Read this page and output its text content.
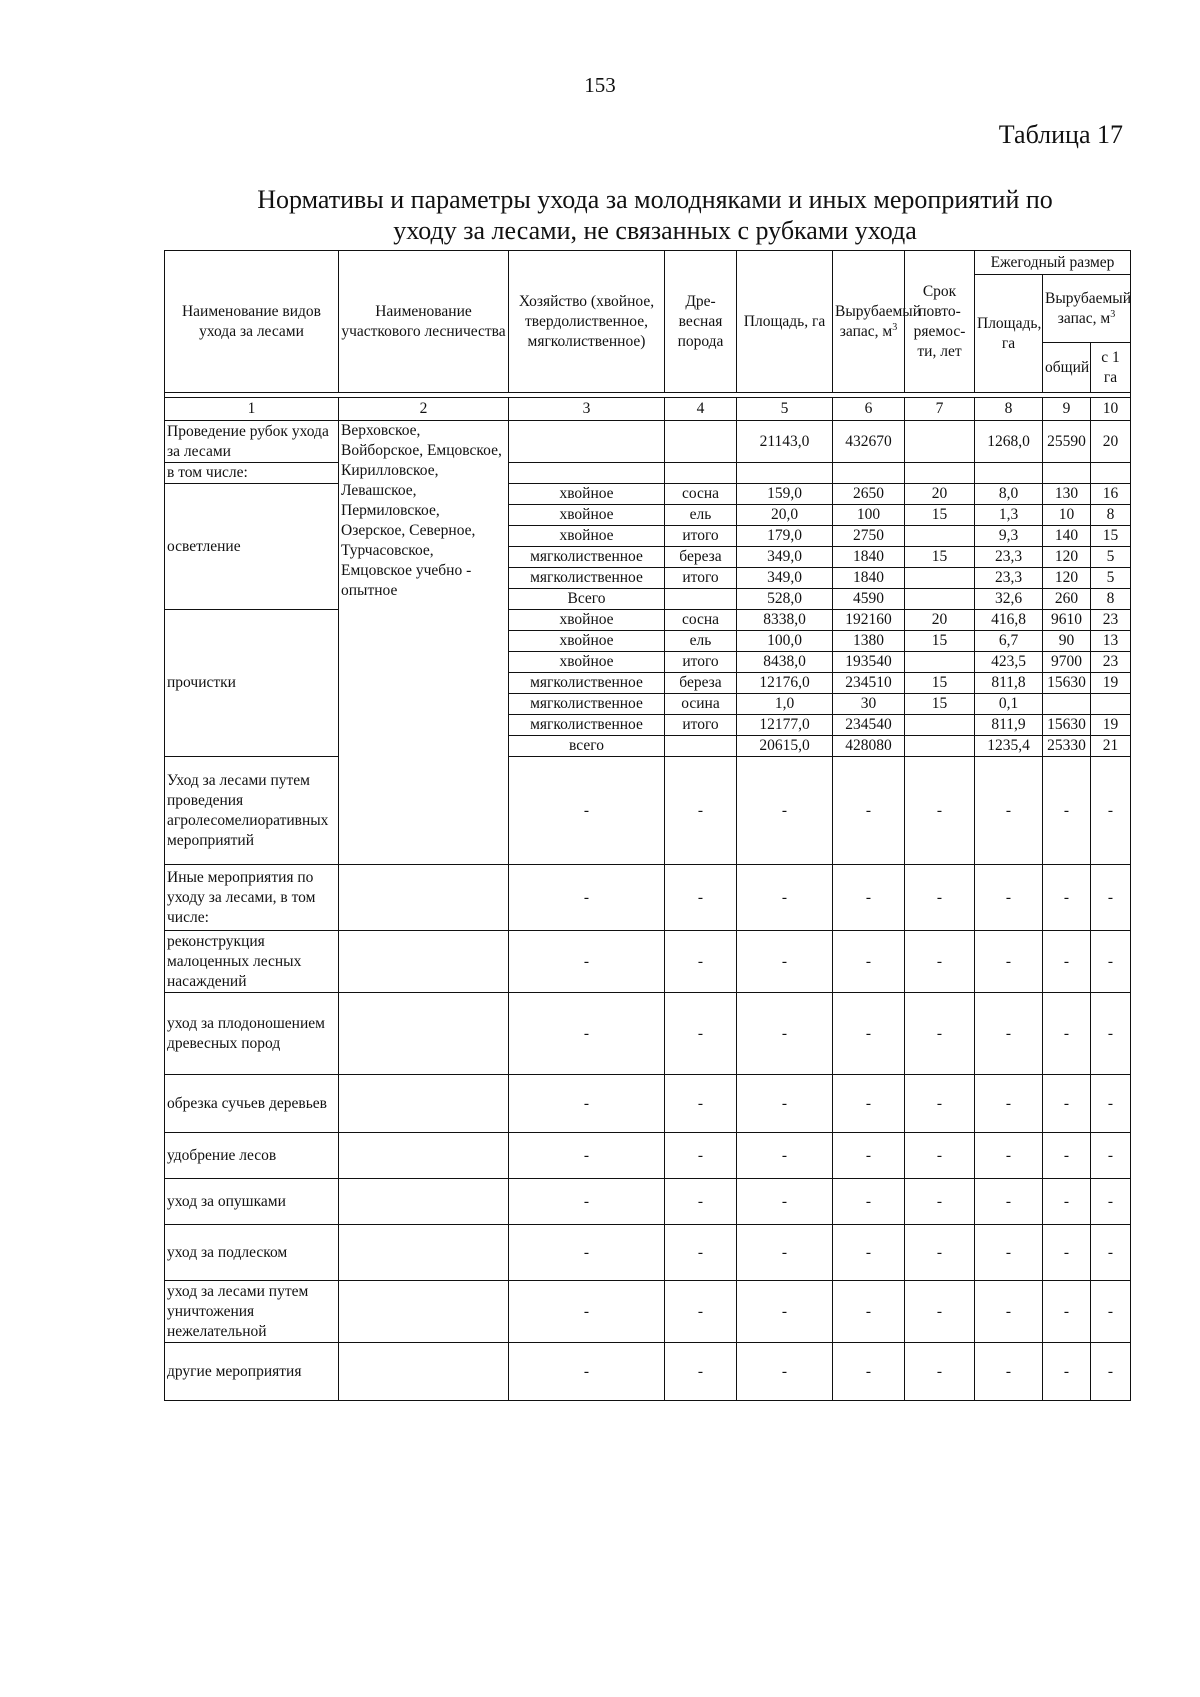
153
Таблица 17
Нормативы и параметры ухода за молодняками и иных мероприятий по
уходу за лесами, не связанных с рубками ухода
Наименование видов ухода за лесами	Наименование участкового лесничества	Хозяйство (хвойное, твердолиственное, мягколиственное)	Дре-весная порода	Площадь, га	Вырубаемый запас, $м^3$	Срок повто-ряемос-ти, лет	Ежегодный размер		
							Площадь, га	Вырубаемый запас, $м^3$
								общий	с 1 га

1	2	3	4	5	6	7	8	9	10
Проведение рубок ухода за лесами	Верховское, Войборское, Емцовское, Кирилловское, Левашское, Пермиловское, Озерское, Северное, Турчасовское, Емцовское учебно - опытное			21143,0	432670		1268,0	25590	20
в том числе:									
осветление		хвойное	сосна	159,0	2650	20	8,0	130	16
		хвойное	ель	20,0	100	15	1,3	10	8
		хвойное	итого	179,0	2750		9,3	140	15
		мягколиственное	береза	349,0	1840	15	23,3	120	5
		мягколиственное	итого	349,0	1840		23,3	120	5
		Всего		528,0	4590		32,6	260	8
прочистки		хвойное	сосна	8338,0	192160	20	416,8	9610	23
		хвойное	ель	100,0	1380	15	6,7	90	13
		хвойное	итого	8438,0	193540		423,5	9700	23
		мягколиственное	береза	12176,0	234510	15	811,8	15630	19
		мягколиственное	осина	1,0	30	15	0,1		
		мягколиственное	итого	12177,0	234540		811,9	15630	19
		всего		20615,0	428080		1235,4	25330	21
Уход за лесами путем проведения агролесомелиоративных мероприятий		-	-	-	-	-	-	-	-
Иные мероприятия по уходу за лесами, в том числе:		-	-	-	-	-	-	-	-
реконструкция малоценных лесных насаждений		-	-	-	-	-	-	-	-
уход за плодоношением древесных пород		-	-	-	-	-	-	-	-
обрезка сучьев деревьев		-	-	-	-	-	-	-	-
удобрение лесов		-	-	-	-	-	-	-	-
уход за опушками		-	-	-	-	-	-	-	-
уход за подлеском		-	-	-	-	-	-	-	-
уход за лесами путем уничтожения нежелательной		-	-	-	-	-	-	-	-
другие мероприятия		-	-	-	-	-	-	-	-
